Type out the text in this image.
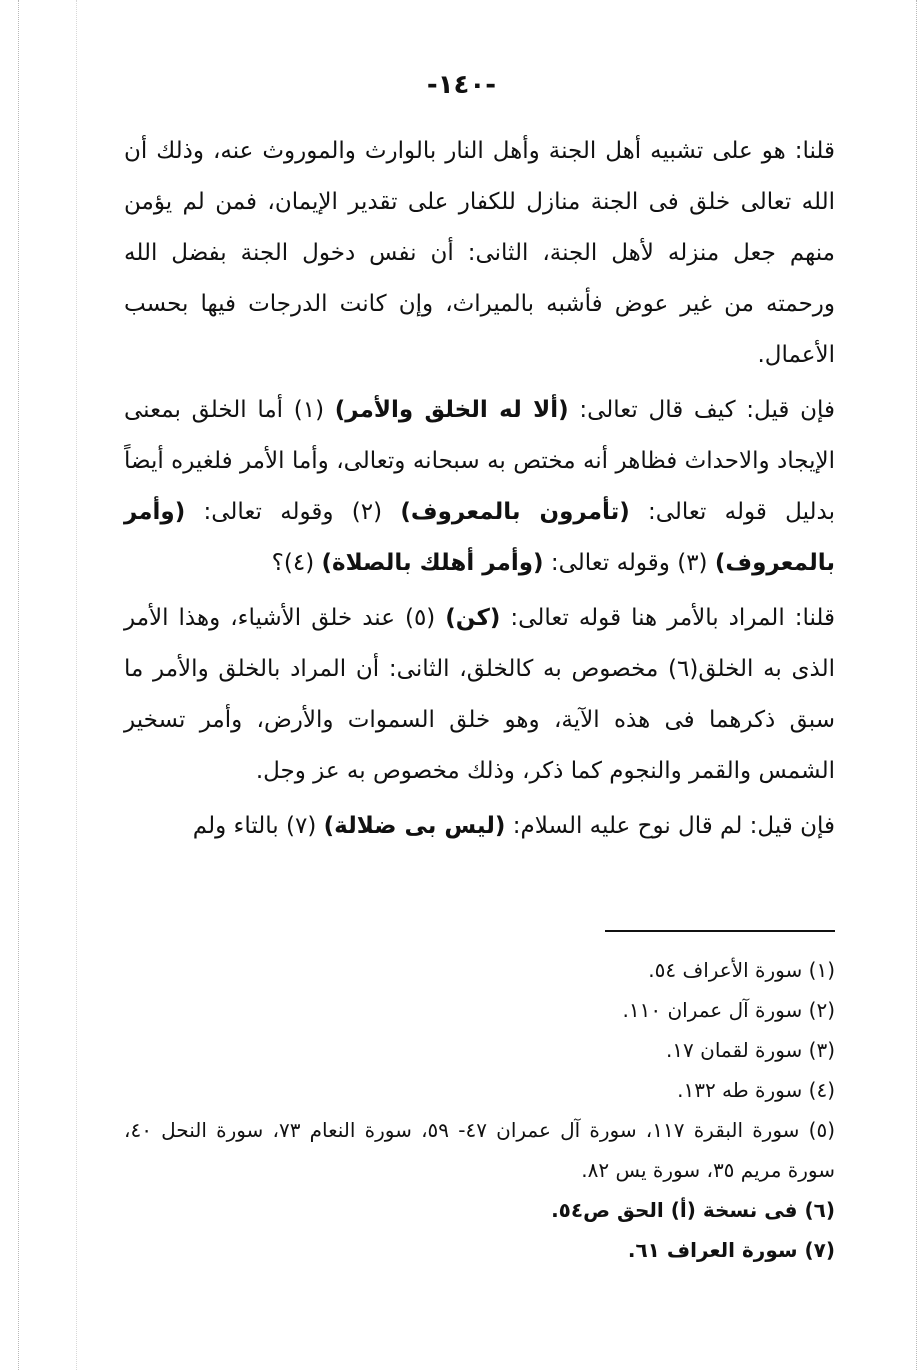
-١٤٠-

قلنا: هو على تشبيه أهل الجنة وأهل النار بالوارث والموروث عنه، وذلك أن الله تعالى خلق فى الجنة منازل للكفار على تقدير الإيمان، فمن لم يؤمن منهم جعل منزله لأهل الجنة، الثانى: أن نفس دخول الجنة بفضل الله ورحمته من غير عوض فأشبه بالميراث، وإن كانت الدرجات فيها بحسب الأعمال.

فإن قيل: كيف قال تعالى: (ألا له الخلق والأمر) (١) أما الخلق بمعنى الإيجاد والاحداث فظاهر أنه مختص به سبحانه وتعالى، وأما الأمر فلغيره أيضاً بدليل قوله تعالى: (تأمرون بالمعروف) (٢) وقوله تعالى: (وأمر بالمعروف) (٣) وقوله تعالى: (وأمر أهلك بالصلاة) (٤)؟

قلنا: المراد بالأمر هنا قوله تعالى: (كن) (٥) عند خلق الأشياء، وهذا الأمر الذى به الخلق(٦) مخصوص به كالخلق، الثانى: أن المراد بالخلق والأمر ما سبق ذكرهما فى هذه الآية، وهو خلق السموات والأرض، وأمر تسخير الشمس والقمر والنجوم كما ذكر، وذلك مخصوص به عز وجل.

فإن قيل: لم قال نوح عليه السلام: (ليس بى ضلالة) (٧) بالتاء ولم

(١) سورة الأعراف ٥٤.

(٢) سورة آل عمران ١١٠.

(٣) سورة لقمان ١٧.

(٤) سورة طه ١٣٢.

(٥) سورة البقرة ١١٧، سورة آل عمران ٤٧- ٥٩، سورة النعام ٧٣، سورة النحل ٤٠، سورة مريم ٣٥، سورة يس ٨٢.

(٦) فى نسخة (أ) الحق ص٥٤.

(٧) سورة العراف ٦١.
